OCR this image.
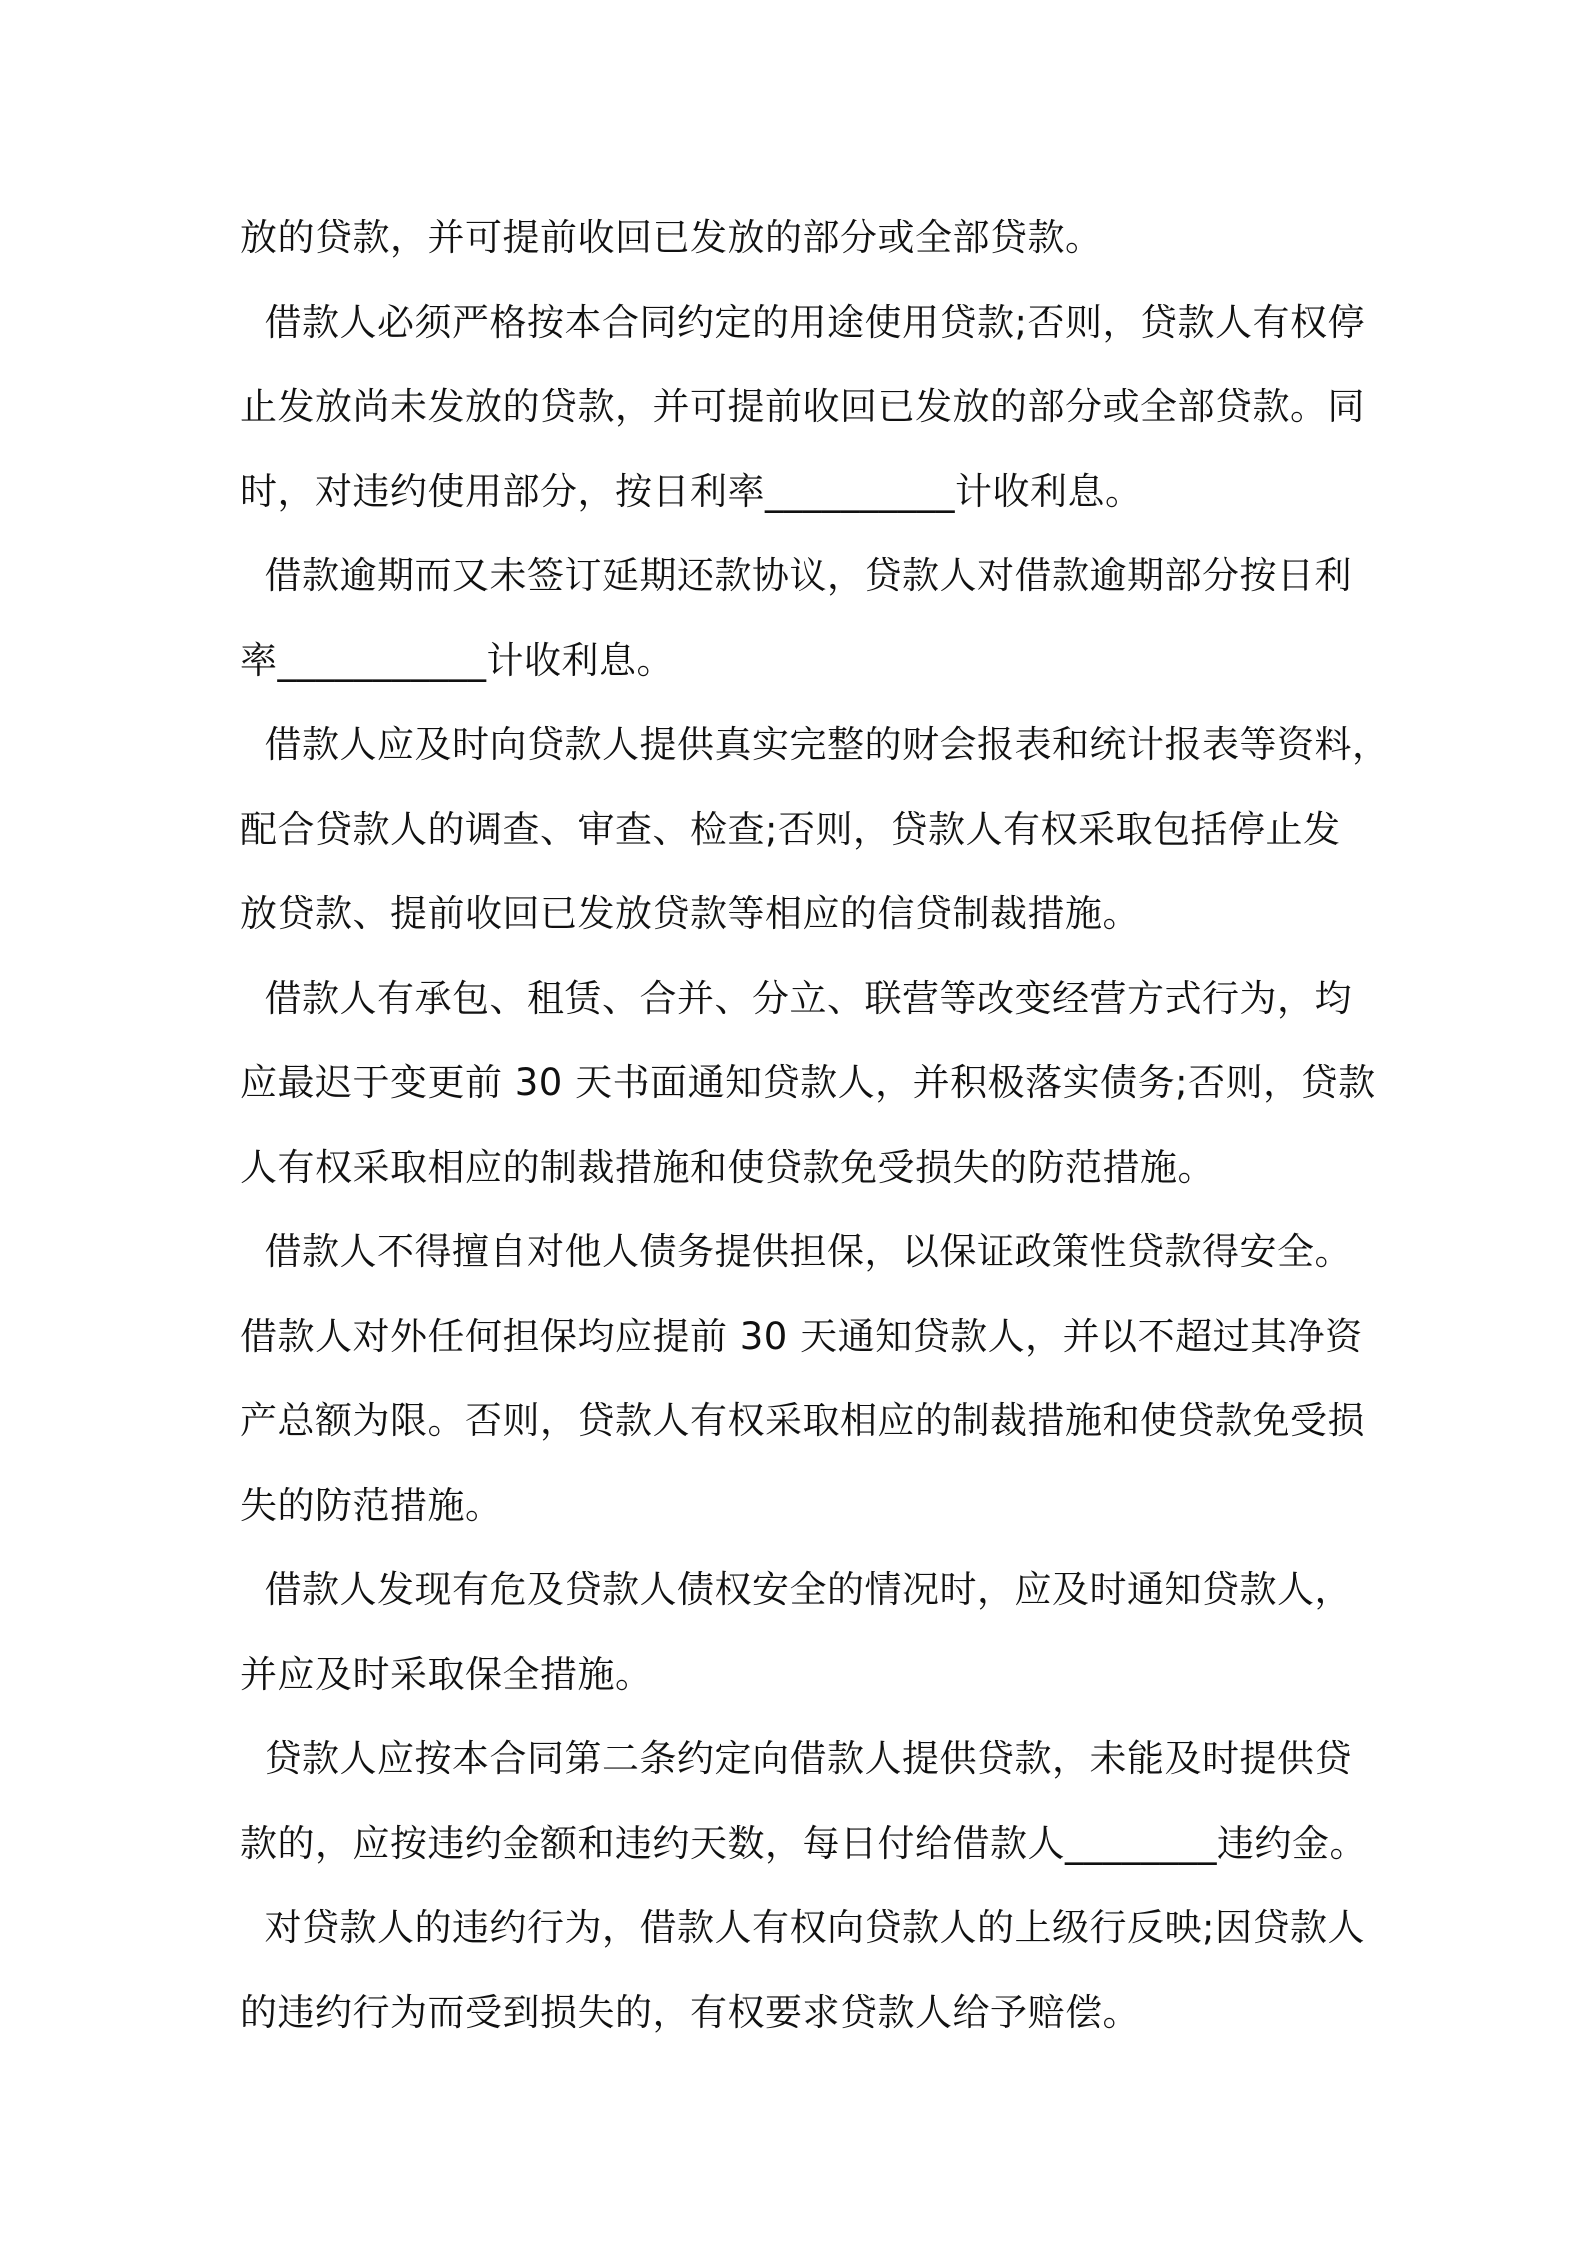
放的贷款，并可提前收回已发放的部分或全部贷款。
借款人必须严格按本合同约定的用途使用贷款;否则，贷款人有权停
止发放尚未发放的贷款，并可提前收回已发放的部分或全部贷款。同
时，对违约使用部分，按日利率__________计收利息。
借款逾期而又未签订延期还款协议，贷款人对借款逾期部分按日利
率___________计收利息。
借款人应及时向贷款人提供真实完整的财会报表和统计报表等资料，
配合贷款人的调查、审查、检查;否则，贷款人有权采取包括停止发
放贷款、提前收回已发放贷款等相应的信贷制裁措施。
借款人有承包、租赁、合并、分立、联营等改变经营方式行为，均
应最迟于变更前 30 天书面通知贷款人，并积极落实债务;否则，贷款
人有权采取相应的制裁措施和使贷款免受损失的防范措施。
借款人不得擅自对他人债务提供担保，以保证政策性贷款得安全。
借款人对外任何担保均应提前 30 天通知贷款人，并以不超过其净资
产总额为限。否则，贷款人有权采取相应的制裁措施和使贷款免受损
失的防范措施。
借款人发现有危及贷款人债权安全的情况时，应及时通知贷款人，
并应及时采取保全措施。
贷款人应按本合同第二条约定向借款人提供贷款，未能及时提供贷
款的，应按违约金额和违约天数，每日付给借款人________违约金。
对贷款人的违约行为，借款人有权向贷款人的上级行反映;因贷款人
的违约行为而受到损失的，有权要求贷款人给予赔偿。
